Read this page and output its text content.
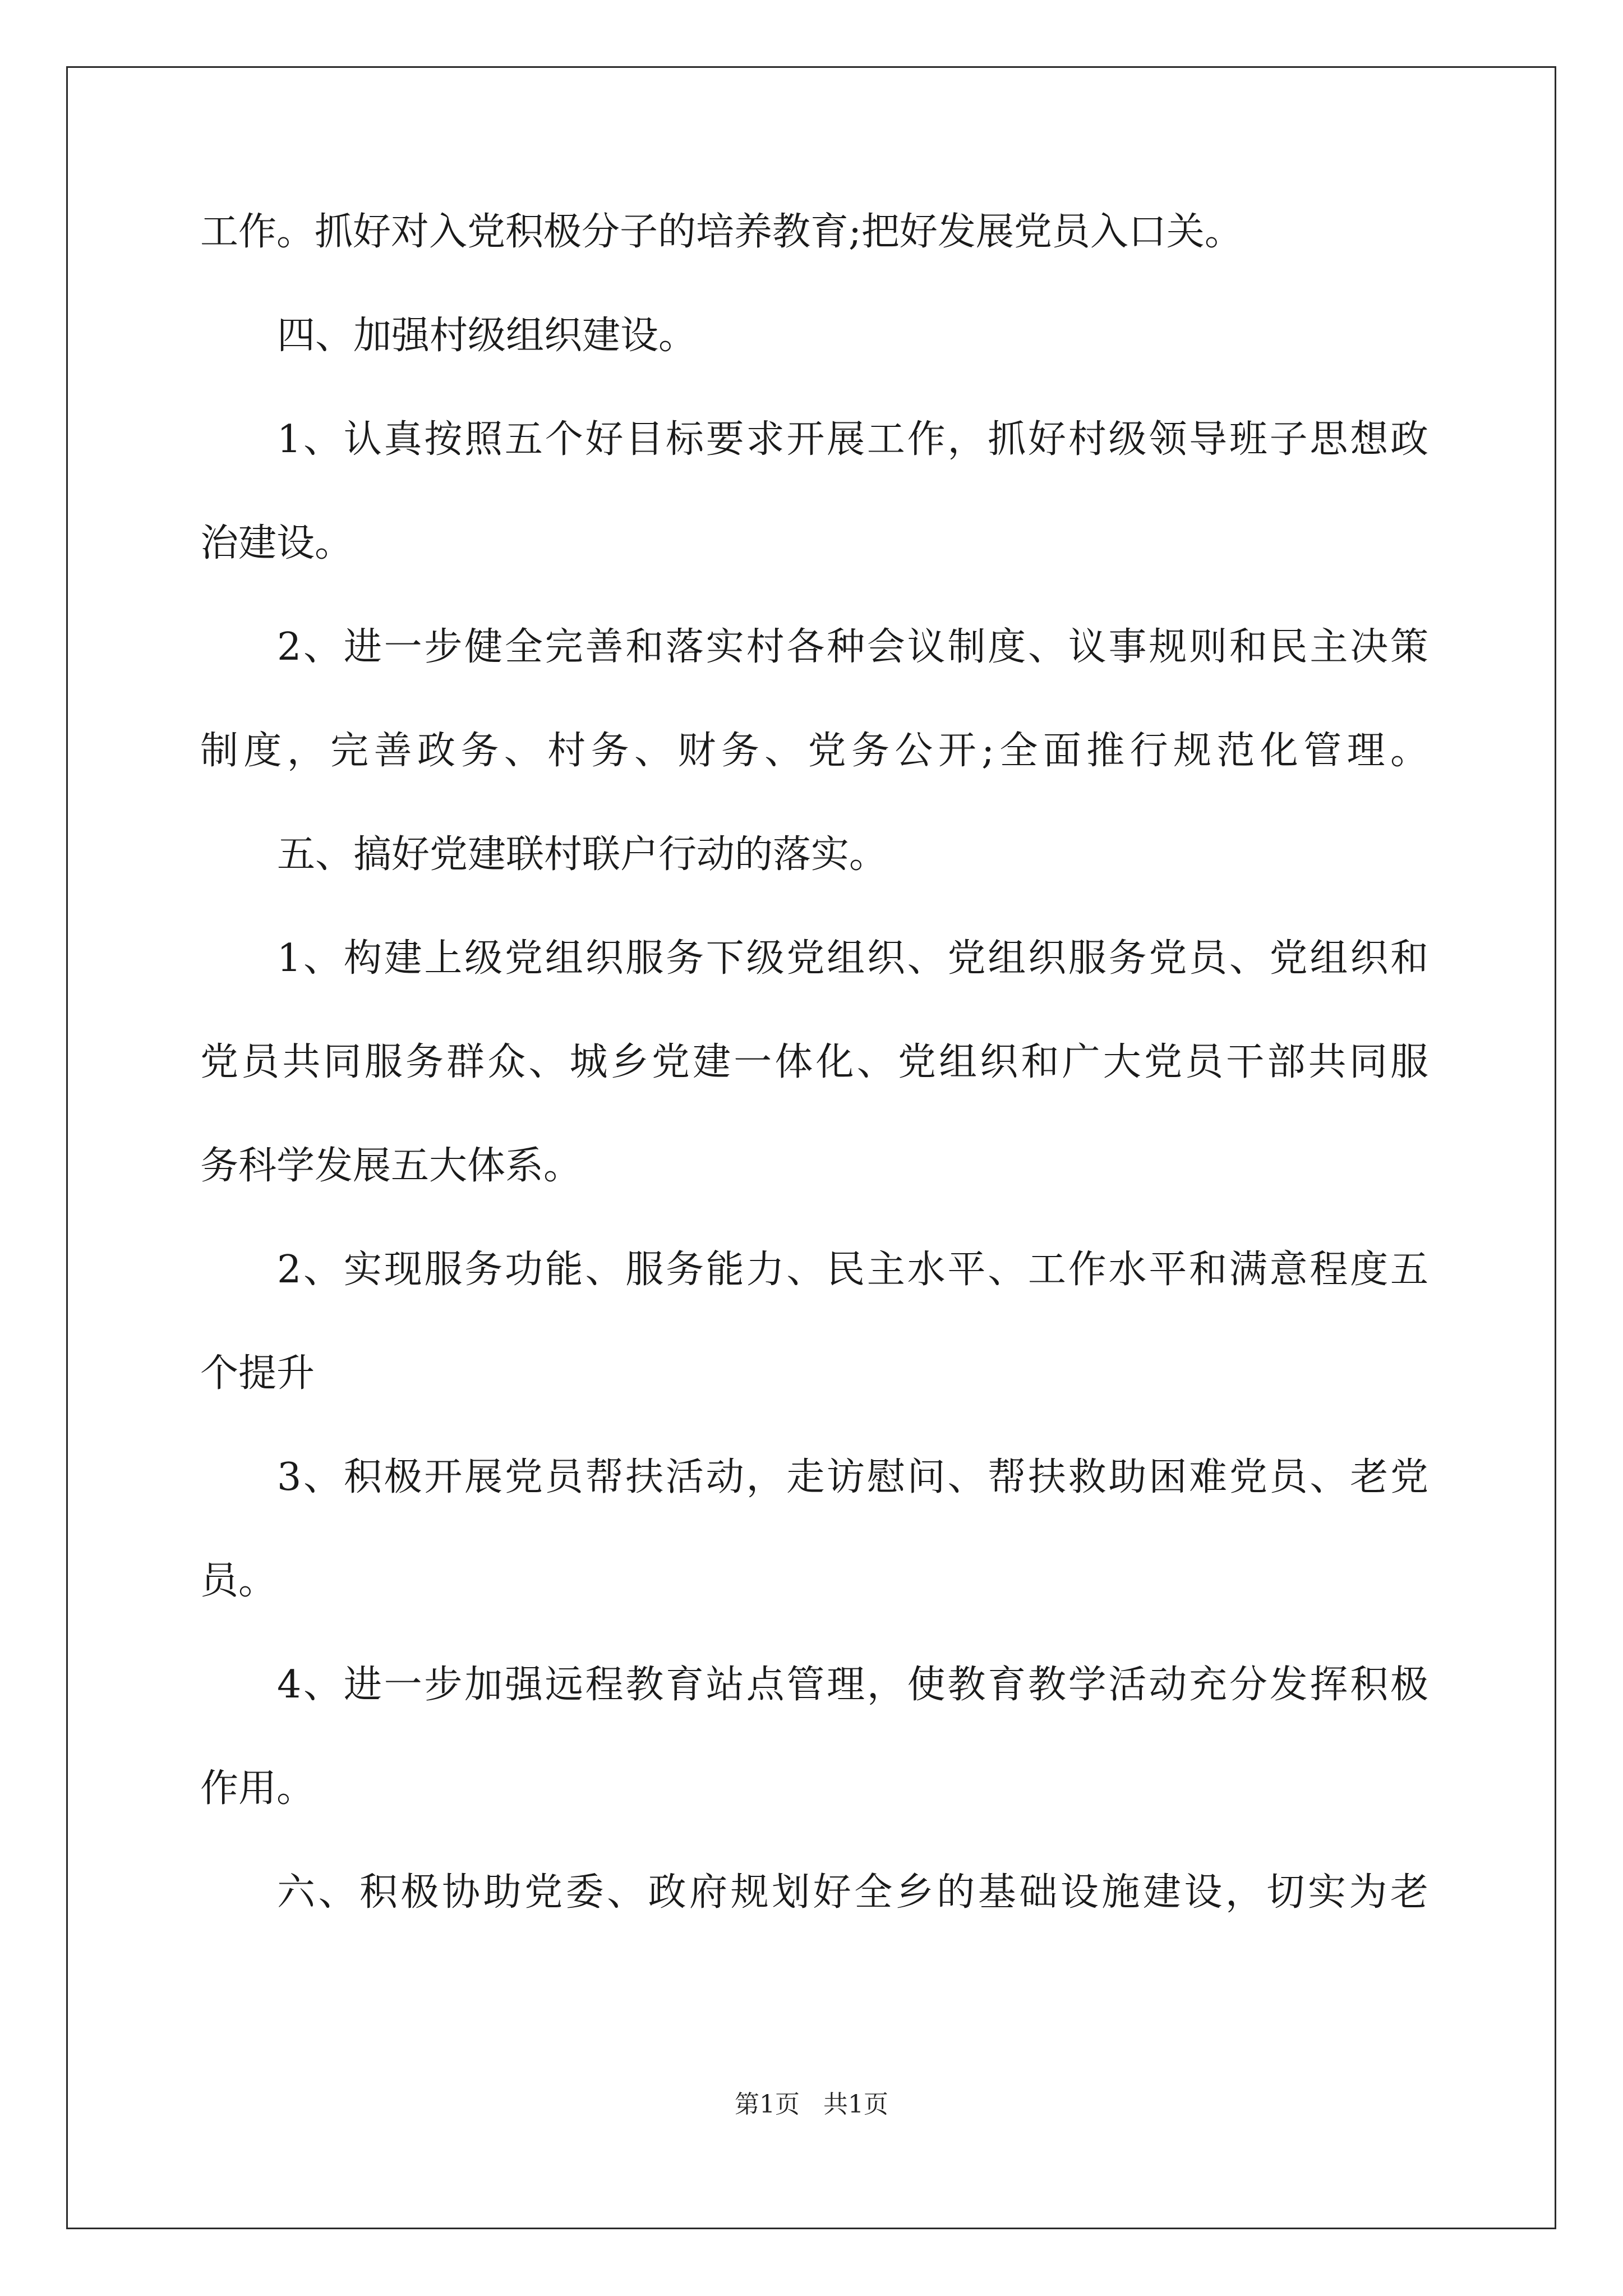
工作。抓好对入党积极分子的培养教育;把好发展党员入口关。
四、加强村级组织建设。
1、认真按照五个好目标要求开展工作，抓好村级领导班子思想政
治建设。
2、进一步健全完善和落实村各种会议制度、议事规则和民主决策
制度，完善政务、村务、财务、党务公开;全面推行规范化管理。
五、搞好党建联村联户行动的落实。
1、构建上级党组织服务下级党组织、党组织服务党员、党组织和
党员共同服务群众、城乡党建一体化、党组织和广大党员干部共同服
务科学发展五大体系。
2、实现服务功能、服务能力、民主水平、工作水平和满意程度五
个提升
3、积极开展党员帮扶活动，走访慰问、帮扶救助困难党员、老党
员。
4、进一步加强远程教育站点管理，使教育教学活动充分发挥积极
作用。
六、积极协助党委、政府规划好全乡的基础设施建设，切实为老
第1页   共1页
